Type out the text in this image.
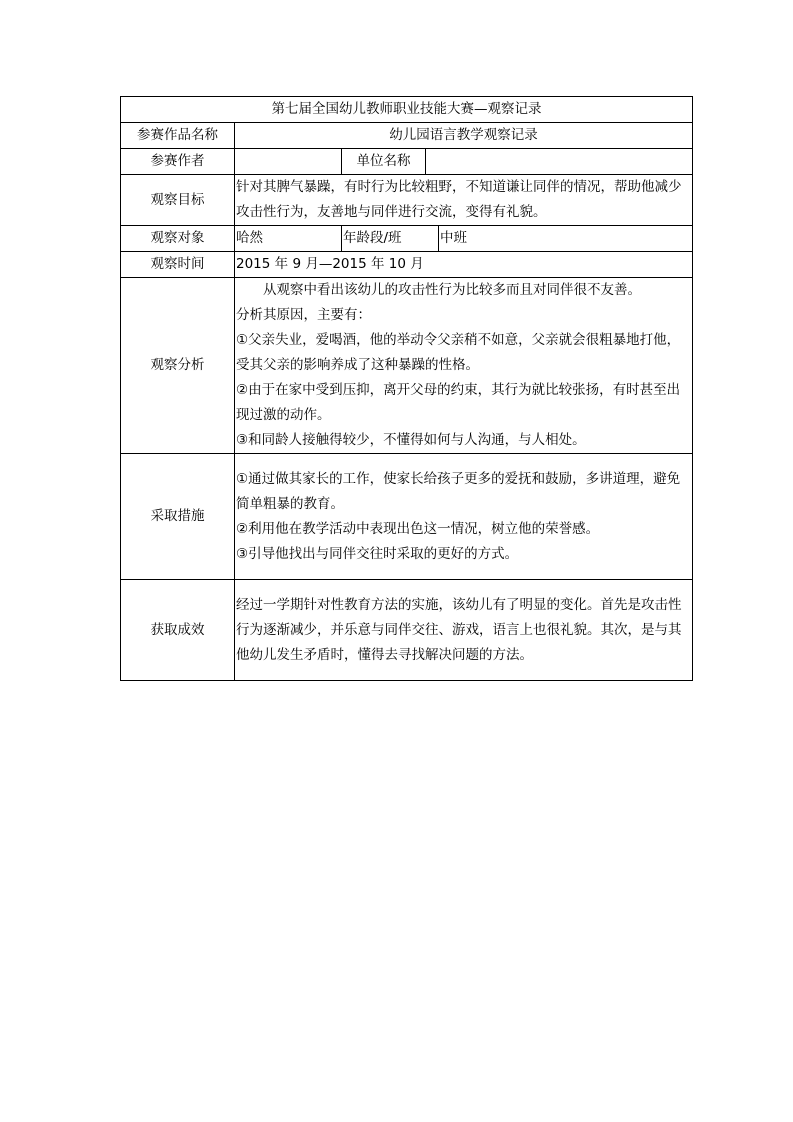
第七届全国幼儿教师职业技能大赛—观察记录				
参赛作品名称	幼儿园语言教学观察记录			
参赛作者		单位名称		
观察目标	针对其脾气暴躁，有时行为比较粗野，不知道谦让同伴的情况，帮助他减少攻击性行为，友善地与同伴进行交流，变得有礼貌。			

观察对象	哈然	年龄段/班		中班
观察时间	2015 年 9 月—2015 年 10 月			
观察分析	从观察中看出该幼儿的攻击性行为比较多而且对同伴很不友善。
分析其原因，主要有：
①父亲失业，爱喝酒，他的举动令父亲稍不如意，父亲就会很粗暴地打他，受其父亲的影响养成了这种暴躁的性格。
②由于在家中受到压抑，离开父母的约束，其行为就比较张扬，有时甚至出现过激的动作。
③和同龄人接触得较少，不懂得如何与人沟通，与人相处。			

采取措施	①通过做其家长的工作，使家长给孩子更多的爱抚和鼓励，多讲道理，避免简单粗暴的教育。
②利用他在教学活动中表现出色这一情况，树立他的荣誉感。
③引导他找出与同伴交往时采取的更好的方式。			

获取成效	经过一学期针对性教育方法的实施，该幼儿有了明显的变化。首先是攻击性行为逐渐减少，并乐意与同伴交往、游戏，语言上也很礼貌。其次，是与其他幼儿发生矛盾时，懂得去寻找解决问题的方法。			
